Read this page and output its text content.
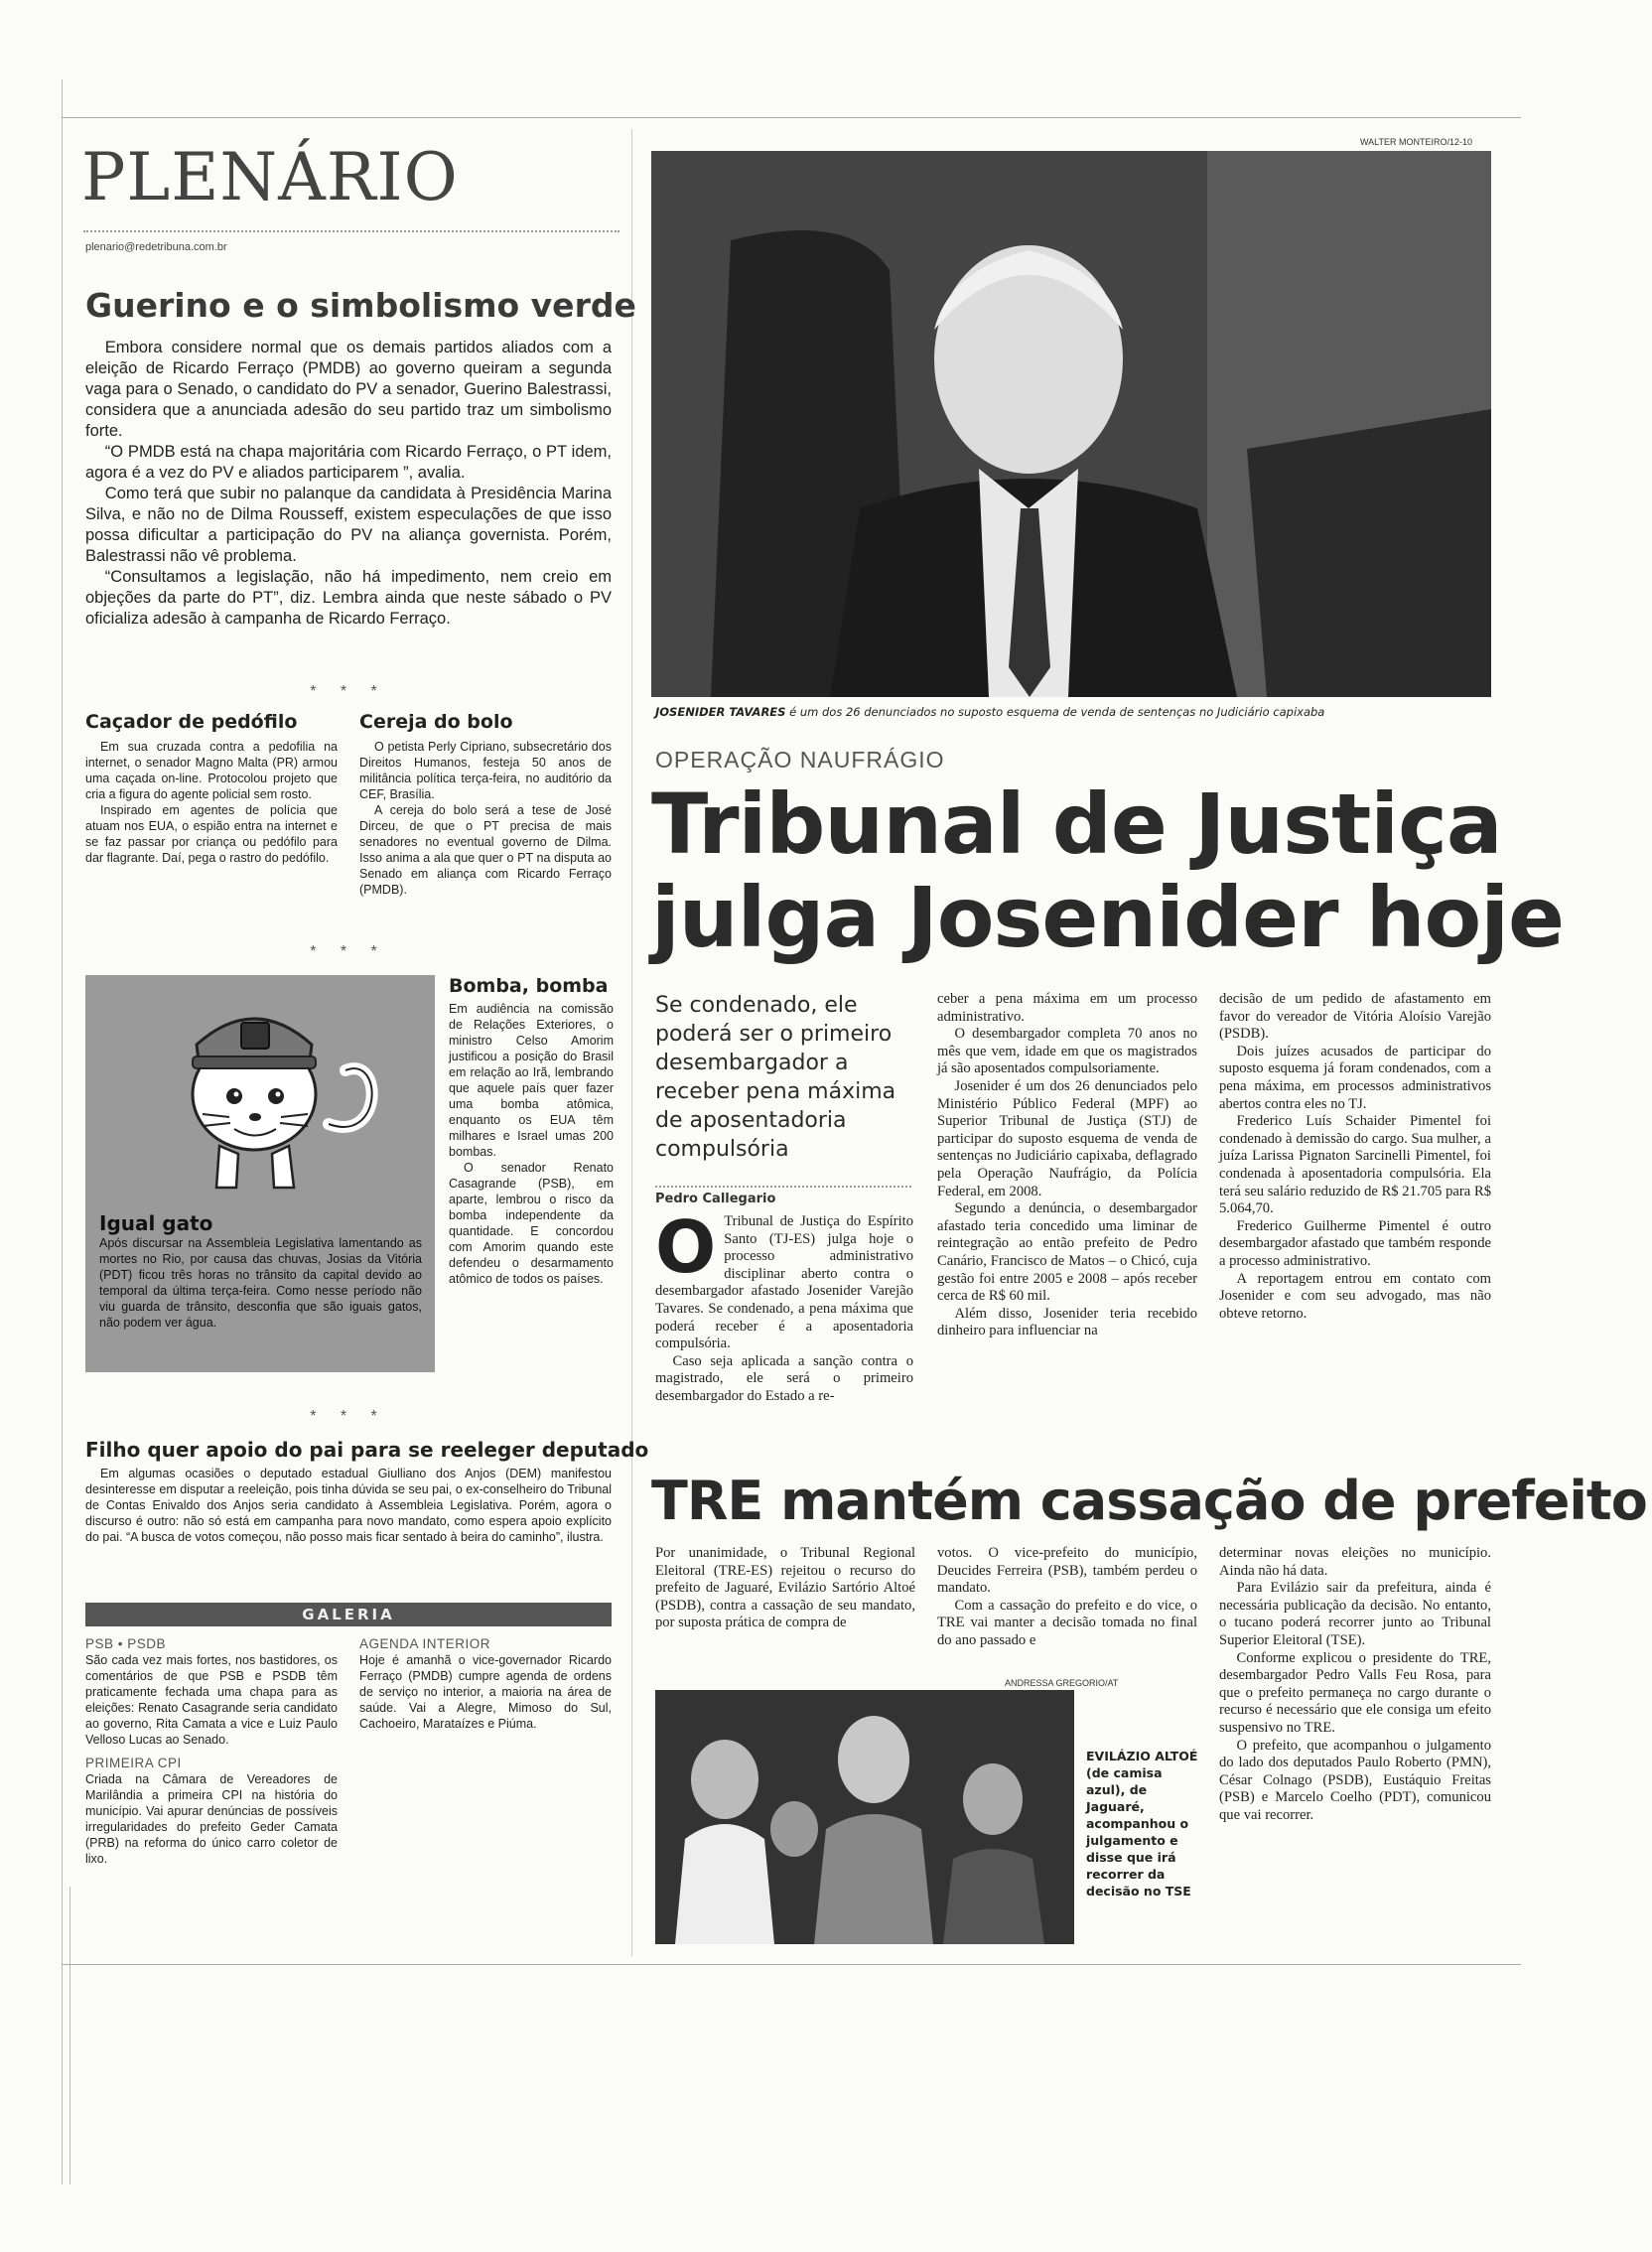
PLENÁRIO
plenario@redetribuna.com.br
Guerino e o simbolismo verde

Embora considere normal que os demais partidos aliados com a eleição de Ricardo Ferraço (PMDB) ao governo queiram a segunda vaga para o Senado, o candidato do PV a senador, Guerino Balestrassi, considera que a anunciada adesão do seu partido traz um simbolismo forte.

“O PMDB está na chapa majoritária com Ricardo Ferraço, o PT idem, agora é a vez do PV e aliados participarem ”, avalia.

Como terá que subir no palanque da candidata à Presidência Marina Silva, e não no de Dilma Rousseff, existem especulações de que isso possa dificultar a participação do PV na aliança governista. Porém, Balestrassi não vê problema.

“Consultamos a legislação, não há impedimento, nem creio em objeções da parte do PT”, diz. Lembra ainda que neste sábado o PV oficializa adesão à campanha de Ricardo Ferraço.

* * *
Caçador de pedófilo

Em sua cruzada contra a pedofilia na internet, o senador Magno Malta (PR) armou uma caçada on-line. Protocolou projeto que cria a figura do agente policial sem rosto.

Inspirado em agentes de polícia que atuam nos EUA, o espião entra na internet e se faz passar por criança ou pedófilo para dar flagrante. Daí, pega o rastro do pedófilo.

Cereja do bolo

O petista Perly Cipriano, subsecretário dos Direitos Humanos, festeja 50 anos de militância política terça-feira, no auditório da CEF, Brasília.

A cereja do bolo será a tese de José Dirceu, de que o PT precisa de mais senadores no eventual governo de Dilma. Isso anima a ala que quer o PT na disputa ao Senado em aliança com Ricardo Ferraço (PMDB).

* * *
Igual gato
Após discursar na Assembleia Legislativa lamentando as mortes no Rio, por causa das chuvas, Josias da Vitória (PDT) ficou três horas no trânsito da capital devido ao temporal da última terça-feira. Como nesse período não viu guarda de trânsito, desconfia que são iguais gatos, não podem ver água.
Bomba, bomba

Em audiência na comissão de Relações Exteriores, o ministro Celso Amorim justificou a posição do Brasil em relação ao Irã, lembrando que aquele país quer fazer uma bomba atômica, enquanto os EUA têm milhares e Israel umas 200 bombas.

O senador Renato Casagrande (PSB), em aparte, lembrou o risco da bomba independente da quantidade. E concordou com Amorim quando este defendeu o desarmamento atômico de todos os países.

* * *
Filho quer apoio do pai para se reeleger deputado
Em algumas ocasiões o deputado estadual Giulliano dos Anjos (DEM) manifestou desinteresse em disputar a reeleição, pois tinha dúvida se seu pai, o ex-conselheiro do Tribunal de Contas Enivaldo dos Anjos seria candidato à Assembleia Legislativa. Porém, agora o discurso é outro: não só está em campanha para novo mandato, como espera apoio explícito do pai. “A busca de votos começou, não posso mais ficar sentado à beira do caminho”, ilustra.
GALERIA
PSB • PSDB
São cada vez mais fortes, nos bastidores, os comentários de que PSB e PSDB têm praticamente fechada uma chapa para as eleições: Renato Casagrande seria candidato ao governo, Rita Camata a vice e Luiz Paulo Velloso Lucas ao Senado.
PRIMEIRA CPI
Criada na Câmara de Vereadores de Marilândia a primeira CPI na história do município. Vai apurar denúncias de possíveis irregularidades do prefeito Geder Camata (PRB) na reforma do único carro coletor de lixo.
AGENDA INTERIOR
Hoje é amanhã o vice-governador Ricardo Ferraço (PMDB) cumpre agenda de ordens de serviço no interior, a maioria na área de saúde. Vai a Alegre, Mimoso do Sul, Cachoeiro, Marataízes e Piúma.
WALTER MONTEIRO/12-10
JOSENIDER TAVARES é um dos 26 denunciados no suposto esquema de venda de sentenças no Judiciário capixaba
OPERAÇÃO NAUFRÁGIO
Tribunal de Justiça
julga Josenider hoje
Se condenado, ele poderá ser o primeiro desembargador a receber pena máxima de aposentadoria compulsória
Pedro Callegario
O Tribunal de Justiça do Espírito Santo (TJ-ES) julga hoje o processo administrativo disciplinar aberto contra o desembargador afastado Josenider Varejão Tavares. Se condenado, a pena máxima que poderá receber é a aposentadoria compulsória.

Caso seja aplicada a sanção contra o magistrado, ele será o primeiro desembargador do Estado a re-

ceber a pena máxima em um processo administrativo.

O desembargador completa 70 anos no mês que vem, idade em que os magistrados já são aposentados compulsoriamente.

Josenider é um dos 26 denunciados pelo Ministério Público Federal (MPF) ao Superior Tribunal de Justiça (STJ) de participar do suposto esquema de venda de sentenças no Judiciário capixaba, deflagrado pela Operação Naufrágio, da Polícia Federal, em 2008.

Segundo a denúncia, o desembargador afastado teria concedido uma liminar de reintegração ao então prefeito de Pedro Canário, Francisco de Matos – o Chicó, cuja gestão foi entre 2005 e 2008 – após receber cerca de R$ 60 mil.

Além disso, Josenider teria recebido dinheiro para influenciar na

decisão de um pedido de afastamento em favor do vereador de Vitória Aloísio Varejão (PSDB).

Dois juízes acusados de participar do suposto esquema já foram condenados, com a pena máxima, em processos administrativos abertos contra eles no TJ.

Frederico Luís Schaider Pimentel foi condenado à demissão do cargo. Sua mulher, a juíza Larissa Pignaton Sarcinelli Pimentel, foi condenada à aposentadoria compulsória. Ela terá seu salário reduzido de R$ 21.705 para R$ 5.064,70.

Frederico Guilherme Pimentel é outro desembargador afastado que também responde a processo administrativo.

A reportagem entrou em contato com Josenider e com seu advogado, mas não obteve retorno.

TRE mantém cassação de prefeito

Por unanimidade, o Tribunal Regional Eleitoral (TRE-ES) rejeitou o recurso do prefeito de Jaguaré, Evilázio Sartório Altoé (PSDB), contra a cassação de seu mandato, por suposta prática de compra de

votos. O vice-prefeito do município, Deucides Ferreira (PSB), também perdeu o mandato.

Com a cassação do prefeito e do vice, o TRE vai manter a decisão tomada no final do ano passado e

determinar novas eleições no município. Ainda não há data.

Para Evilázio sair da prefeitura, ainda é necessária publicação da decisão. No entanto, o tucano poderá recorrer junto ao Tribunal Superior Eleitoral (TSE).

Conforme explicou o presidente do TRE, desembargador Pedro Valls Feu Rosa, para que o prefeito permaneça no cargo durante o recurso é necessário que ele consiga um efeito suspensivo no TRE.

O prefeito, que acompanhou o julgamento do lado dos deputados Paulo Roberto (PMN), César Colnago (PSDB), Eustáquio Freitas (PSB) e Marcelo Coelho (PDT), comunicou que vai recorrer.

ANDRESSA GREGORIO/AT
EVILÁZIO ALTOÉ (de camisa azul), de Jaguaré, acompanhou o julgamento e disse que irá recorrer da decisão no TSE
